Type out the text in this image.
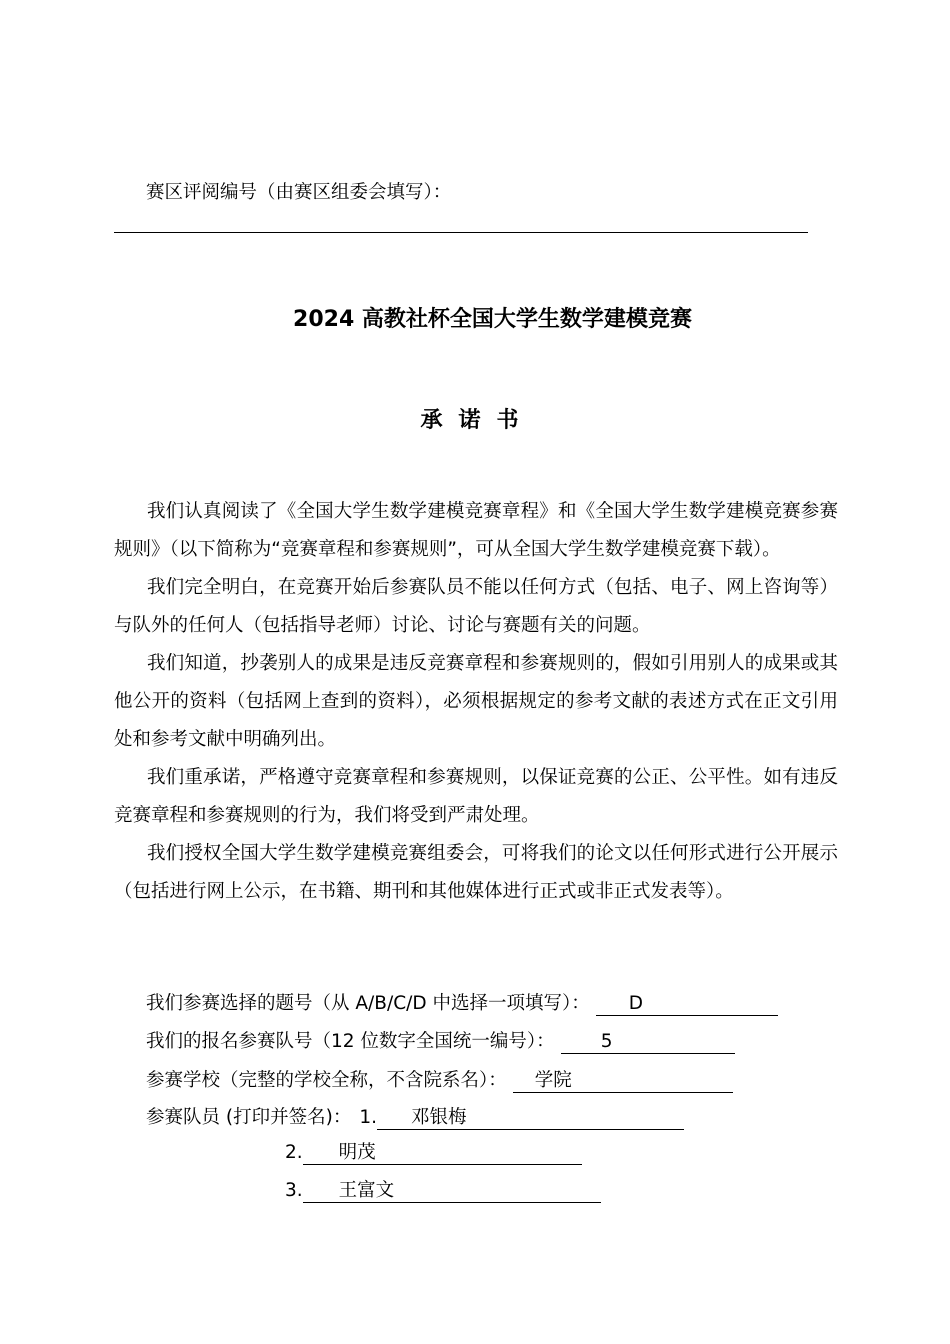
赛区评阅编号（由赛区组委会填写）：
2024 高教社杯全国大学生数学建模竞赛
承诺书

我们认真阅读了《全国大学生数学建模竞赛章程》和《全国大学生数学建模竞赛参赛规则》（以下简称为“竞赛章程和参赛规则”，可从全国大学生数学建模竞赛下载）。

我们完全明白，在竞赛开始后参赛队员不能以任何方式（包括、电子、网上咨询等）与队外的任何人（包括指导老师）讨论、讨论与赛题有关的问题。

我们知道，抄袭别人的成果是违反竞赛章程和参赛规则的，假如引用别人的成果或其他公开的资料（包括网上查到的资料），必须根据规定的参考文献的表述方式在正文引用处和参考文献中明确列出。

我们重承诺，严格遵守竞赛章程和参赛规则，以保证竞赛的公正、公平性。如有违反竞赛章程和参赛规则的行为，我们将受到严肃处理。

我们授权全国大学生数学建模竞赛组委会，可将我们的论文以任何形式进行公开展示（包括进行网上公示，在书籍、期刊和其他媒体进行正式或非正式发表等）。

我们参赛选择的题号（从 A/B/C/D 中选择一项填写）： D
我们的报名参赛队号（12 位数字全国统一编号）： 5
参赛学校（完整的学校全称，不含院系名）： 学院
参赛队员 (打印并签名)： 1. 邓银梅
2. 明茂
3. 王富文
